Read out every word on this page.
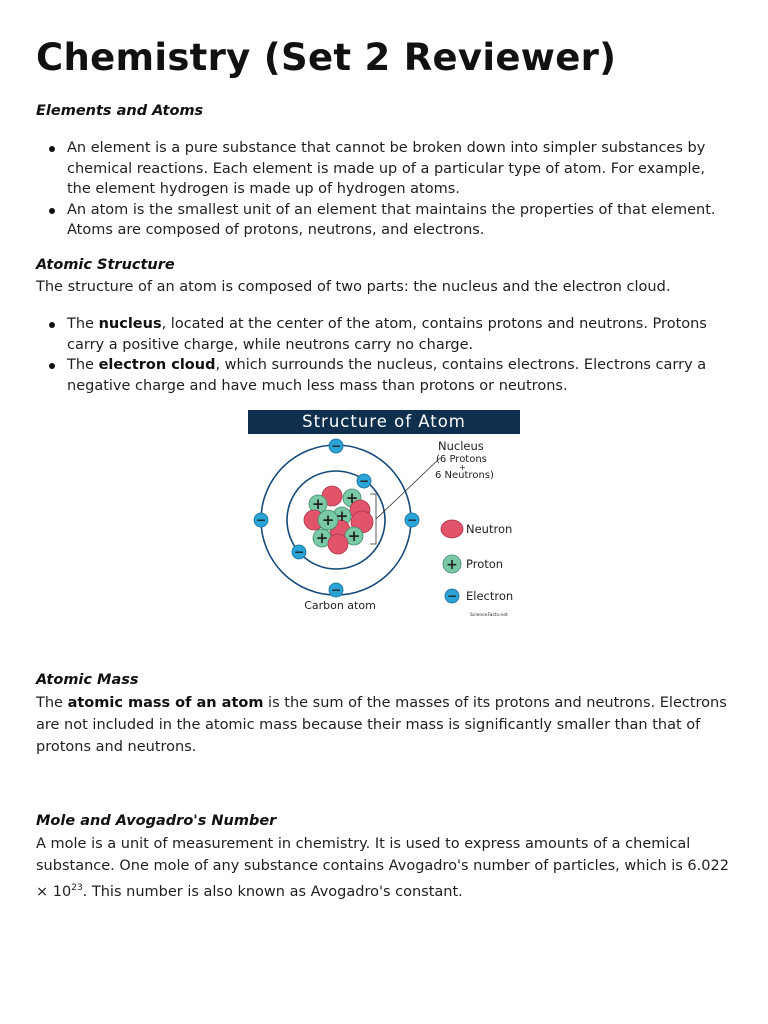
Chemistry (Set 2 Reviewer)

Elements and Atoms

An element is a pure substance that cannot be broken down into simpler substances by chemical reactions. Each element is made up of a particular type of atom. For example, the element hydrogen is made up of hydrogen atoms.
An atom is the smallest unit of an element that maintains the properties of that element. Atoms are composed of protons, neutrons, and electrons.

Atomic Structure

The structure of an atom is composed of two parts: the nucleus and the electron cloud.

The nucleus, located at the center of the atom, contains protons and neutrons. Protons carry a positive charge, while neutrons carry no charge.
The electron cloud, which surrounds the nucleus, contains electrons. Electrons carry a negative charge and have much less mass than protons or neutrons.
Structure of Atom
+ +
+
+
+
+
−
−	−
−
−
−
Nucleus
(6 Protons
+
6 Neutrons)
Neutron
+ Proton
− Electron
Carbon atom
ScienceFacts.net

Atomic Mass

The atomic mass of an atom is the sum of the masses of its protons and neutrons. Electrons are not included in the atomic mass because their mass is significantly smaller than that of protons and neutrons.

Mole and Avogadro's Number

A mole is a unit of measurement in chemistry. It is used to express amounts of a chemical substance. One mole of any substance contains Avogadro's number of particles, which is $6.022 \times 10^{23}$. This number is also known as Avogadro's constant.
